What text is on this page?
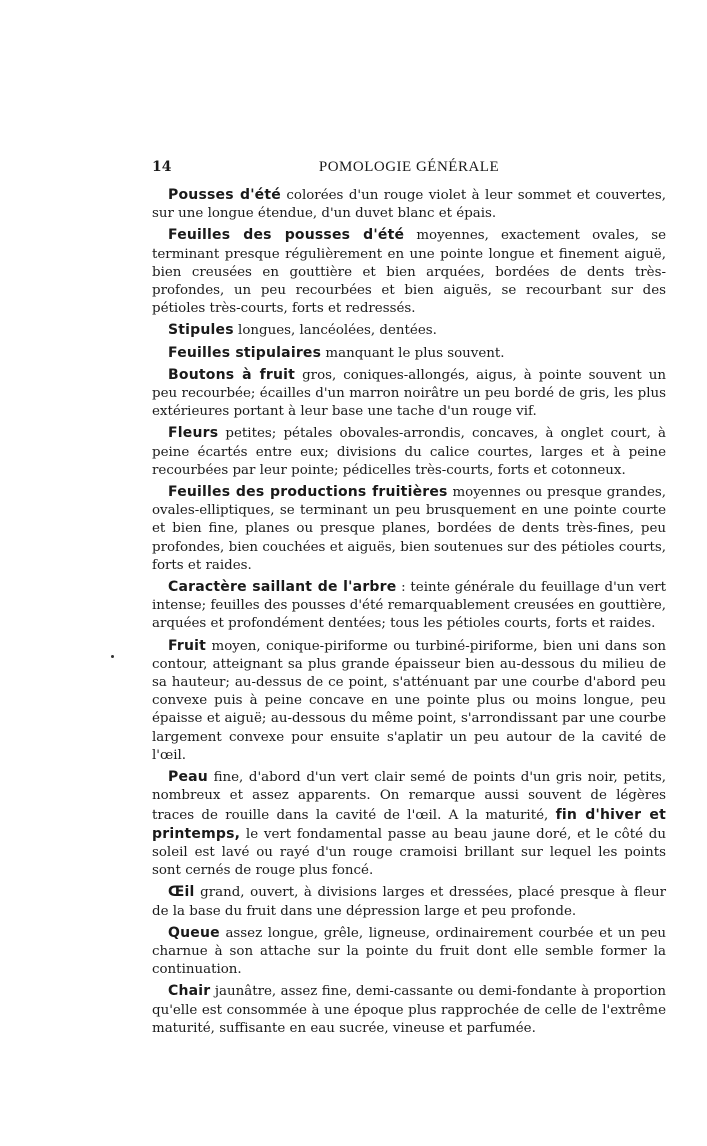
14	POMOLOGIE GÉNÉRALE

Pousses d'été colorées d'un rouge violet à leur sommet et couvertes, sur une longue étendue, d'un duvet blanc et épais.

Feuilles des pousses d'été moyennes, exactement ovales, se terminant presque régulièrement en une pointe longue et finement aiguë, bien creusées en gouttière et bien arquées, bordées de dents très-profondes, un peu recourbées et bien aiguës, se recourbant sur des pétioles très-courts, forts et redressés.

Stipules longues, lancéolées, dentées.

Feuilles stipulaires manquant le plus souvent.

Boutons à fruit gros, coniques-allongés, aigus, à pointe souvent un peu recourbée; écailles d'un marron noirâtre un peu bordé de gris, les plus extérieures portant à leur base une tache d'un rouge vif.

Fleurs petites; pétales obovales-arrondis, concaves, à onglet court, à peine écartés entre eux; divisions du calice courtes, larges et à peine recourbées par leur pointe; pédicelles très-courts, forts et cotonneux.

Feuilles des productions fruitières moyennes ou presque grandes, ovales-elliptiques, se terminant un peu brusquement en une pointe courte et bien fine, planes ou presque planes, bordées de dents très-fines, peu profondes, bien couchées et aiguës, bien soutenues sur des pétioles courts, forts et raides.

Caractère saillant de l'arbre : teinte générale du feuillage d'un vert intense; feuilles des pousses d'été remarquablement creusées en gouttière, arquées et profondément dentées; tous les pétioles courts, forts et raides.

Fruit moyen, conique-piriforme ou turbiné-piriforme, bien uni dans son contour, atteignant sa plus grande épaisseur bien au-dessous du milieu de sa hauteur; au-dessus de ce point, s'atténuant par une courbe d'abord peu convexe puis à peine concave en une pointe plus ou moins longue, peu épaisse et aiguë; au-dessous du même point, s'arrondissant par une courbe largement convexe pour ensuite s'aplatir un peu autour de la cavité de l'œil.

Peau fine, d'abord d'un vert clair semé de points d'un gris noir, petits, nombreux et assez apparents. On remarque aussi souvent de légères traces de rouille dans la cavité de l'œil. A la maturité, fin d'hiver et printemps, le vert fondamental passe au beau jaune doré, et le côté du soleil est lavé ou rayé d'un rouge cramoisi brillant sur lequel les points sont cernés de rouge plus foncé.

Œil grand, ouvert, à divisions larges et dressées, placé presque à fleur de la base du fruit dans une dépression large et peu profonde.

Queue assez longue, grêle, ligneuse, ordinairement courbée et un peu charnue à son attache sur la pointe du fruit dont elle semble former la continuation.

Chair jaunâtre, assez fine, demi-cassante ou demi-fondante à proportion qu'elle est consommée à une époque plus rapprochée de celle de l'extrême maturité, suffisante en eau sucrée, vineuse et parfumée.
